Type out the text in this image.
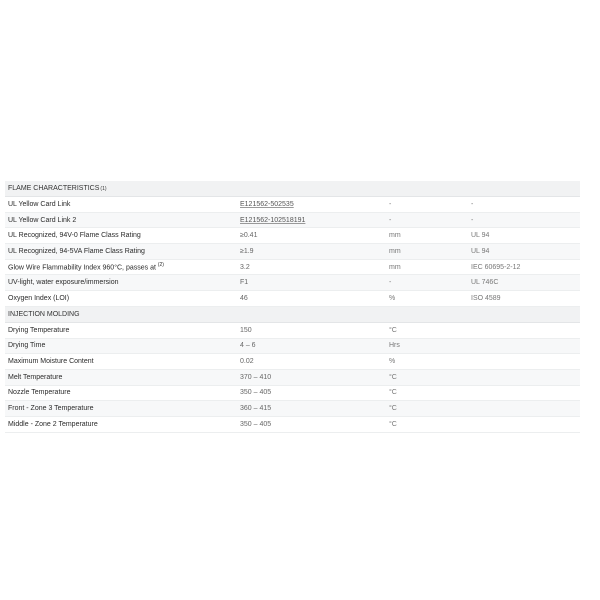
FLAME CHARACTERISTICS (1)
UL Yellow Card Link	E121562-502535	-	-
UL Yellow Card Link 2	E121562-102518191	-	-
UL Recognized, 94V-0 Flame Class Rating	≥0.41	mm	UL 94
UL Recognized, 94-5VA Flame Class Rating	≥1.9	mm	UL 94
Glow Wire Flammability Index 960°C, passes at $^{(2)}$	3.2	mm	IEC 60695-2-12
UV-light, water exposure/immersion	F1	-	UL 746C
Oxygen Index (LOI)	46	%	ISO 4589
INJECTION MOLDING
Drying Temperature	150	°C
Drying Time	4 – 6	Hrs
Maximum Moisture Content	0.02	%
Melt Temperature	370 – 410	°C
Nozzle Temperature	350 – 405	°C
Front - Zone 3 Temperature	360 – 415	°C
Middle - Zone 2 Temperature	350 – 405	°C
